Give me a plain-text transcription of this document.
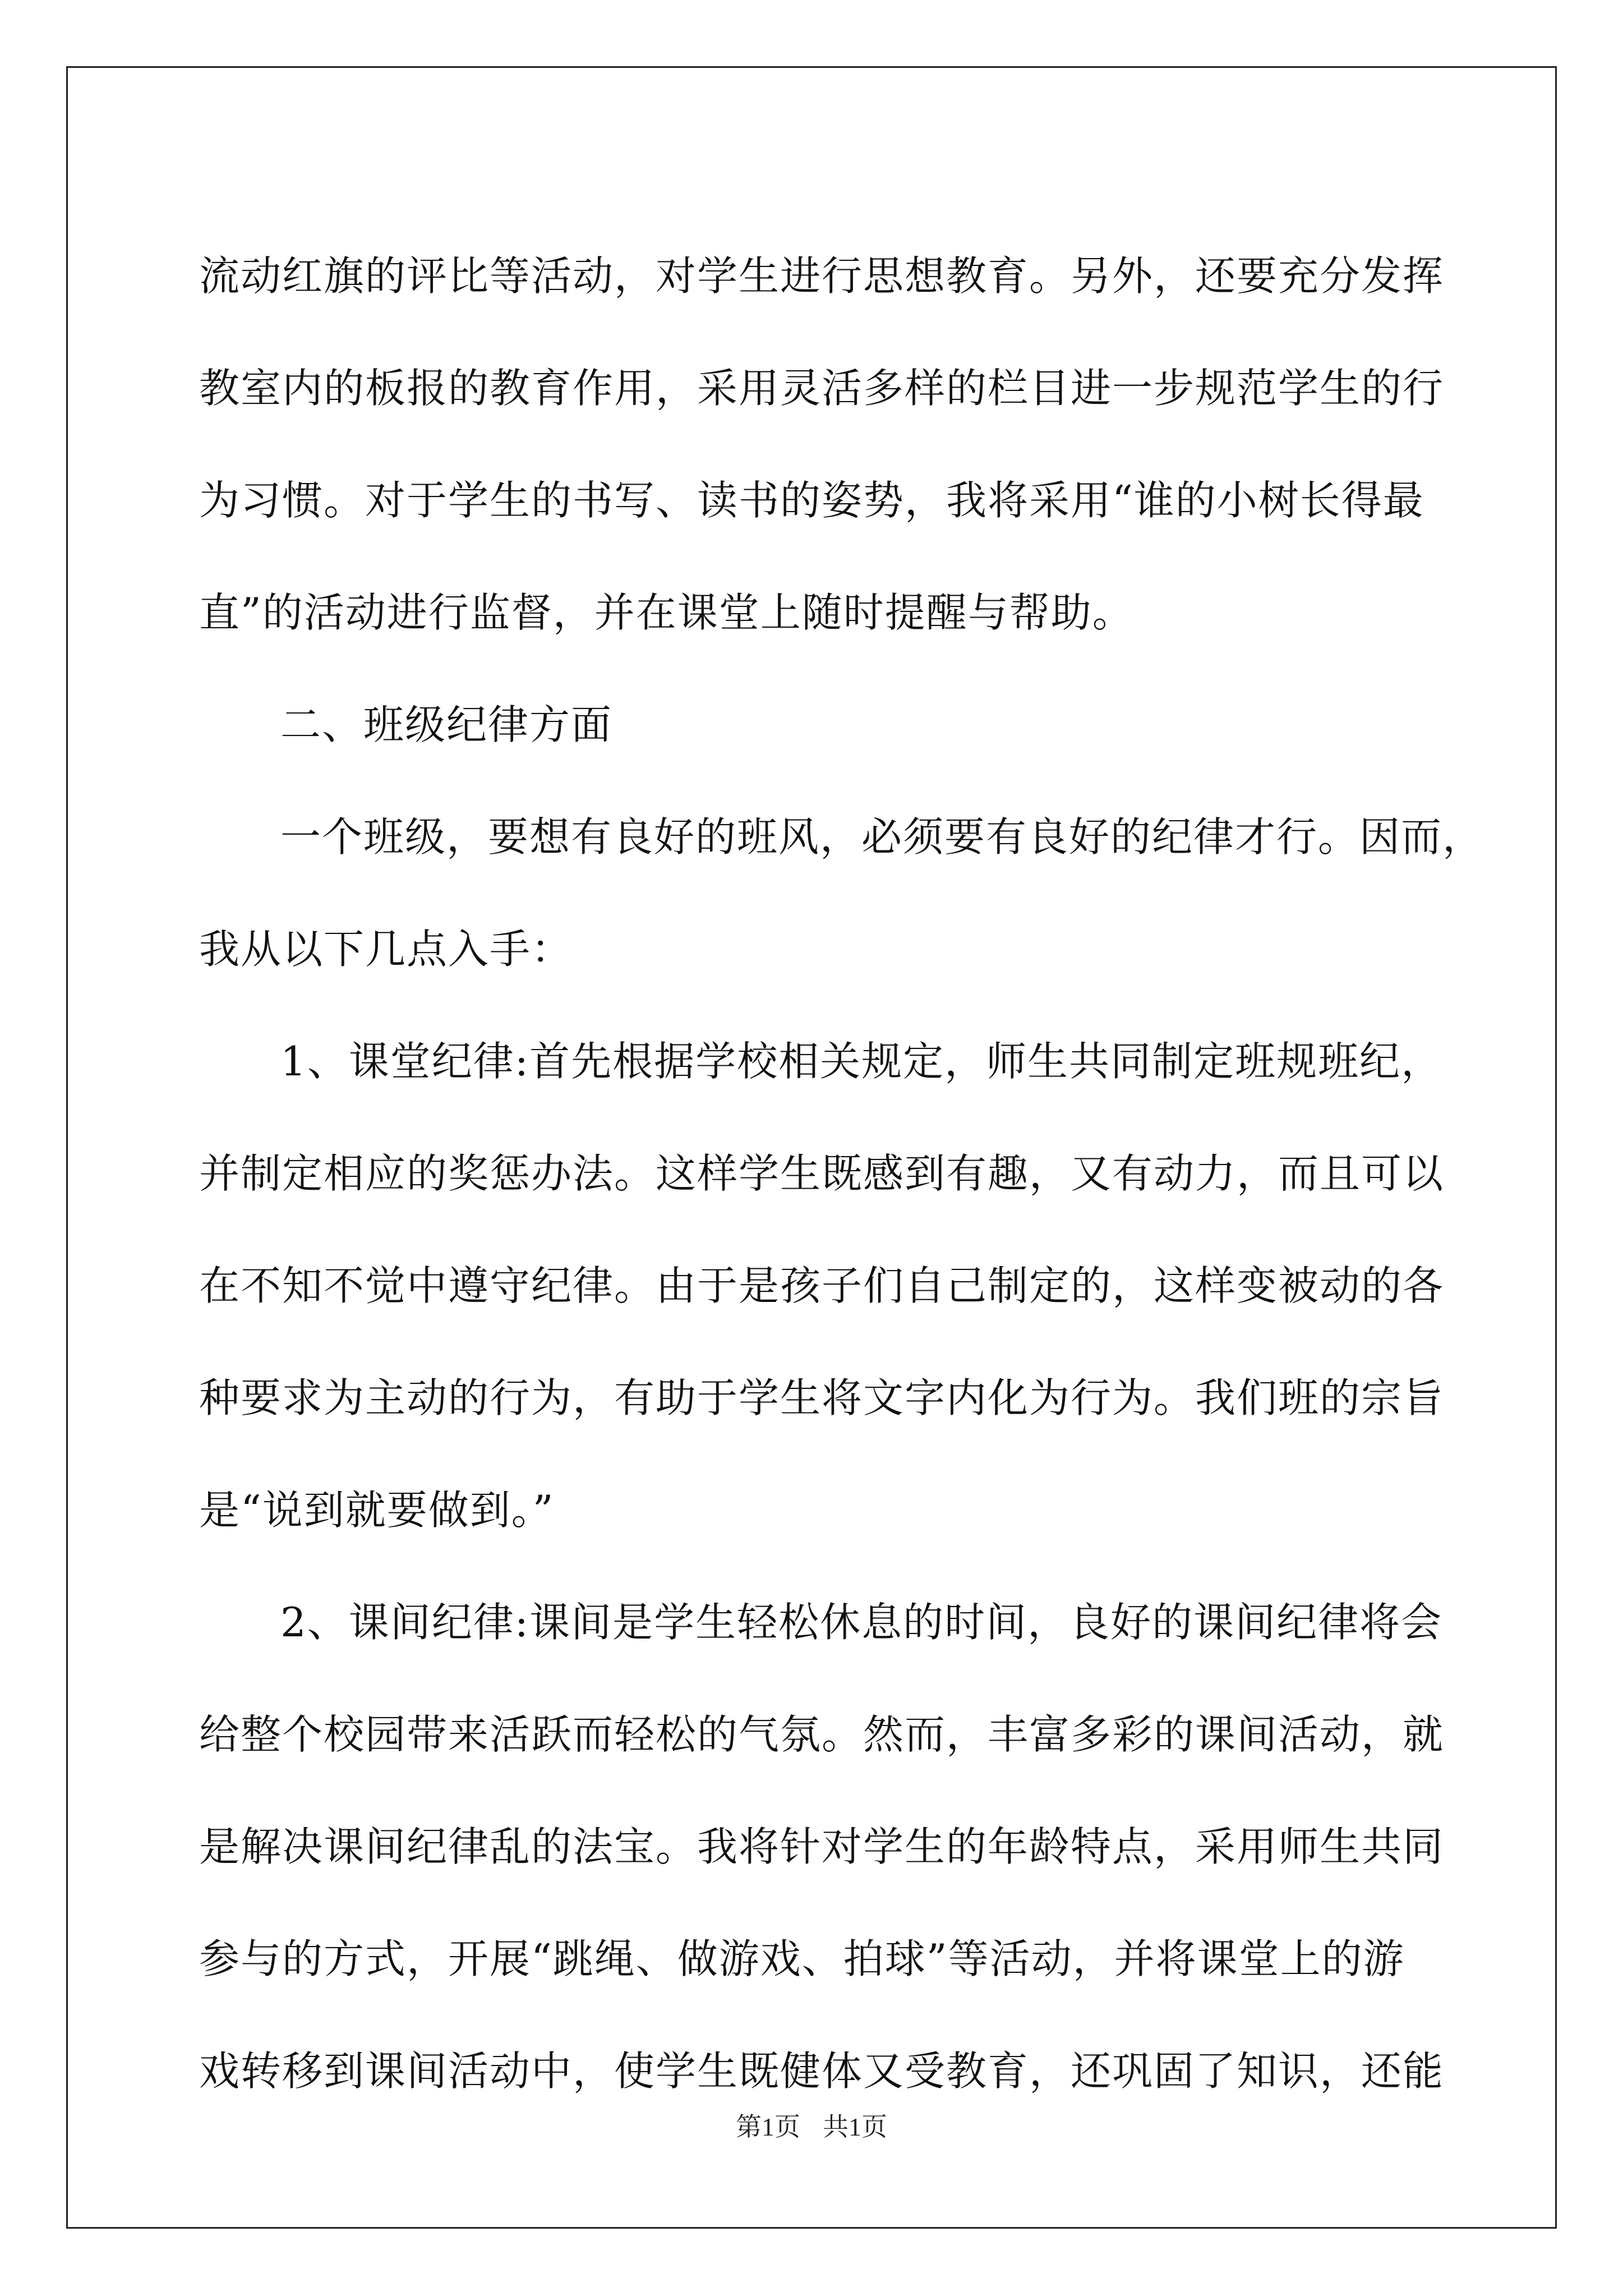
流动红旗的评比等活动，对学生进行思想教育。另外，还要充分发挥
教室内的板报的教育作用，采用灵活多样的栏目进一步规范学生的行
为习惯。对于学生的书写、读书的姿势，我将采用“谁的小树长得最
直”的活动进行监督，并在课堂上随时提醒与帮助。
二、班级纪律方面
一个班级，要想有良好的班风，必须要有良好的纪律才行。因而，
我从以下几点入手：
1、课堂纪律:首先根据学校相关规定，师生共同制定班规班纪，
并制定相应的奖惩办法。这样学生既感到有趣，又有动力，而且可以
在不知不觉中遵守纪律。由于是孩子们自己制定的，这样变被动的各
种要求为主动的行为，有助于学生将文字内化为行为。我们班的宗旨
是“说到就要做到。”
2、课间纪律:课间是学生轻松休息的时间，良好的课间纪律将会
给整个校园带来活跃而轻松的气氛。然而，丰富多彩的课间活动，就
是解决课间纪律乱的法宝。我将针对学生的年龄特点，采用师生共同
参与的方式，开展“跳绳、做游戏、拍球”等活动，并将课堂上的游
戏转移到课间活动中，使学生既健体又受教育，还巩固了知识，还能
第1页 共1页
